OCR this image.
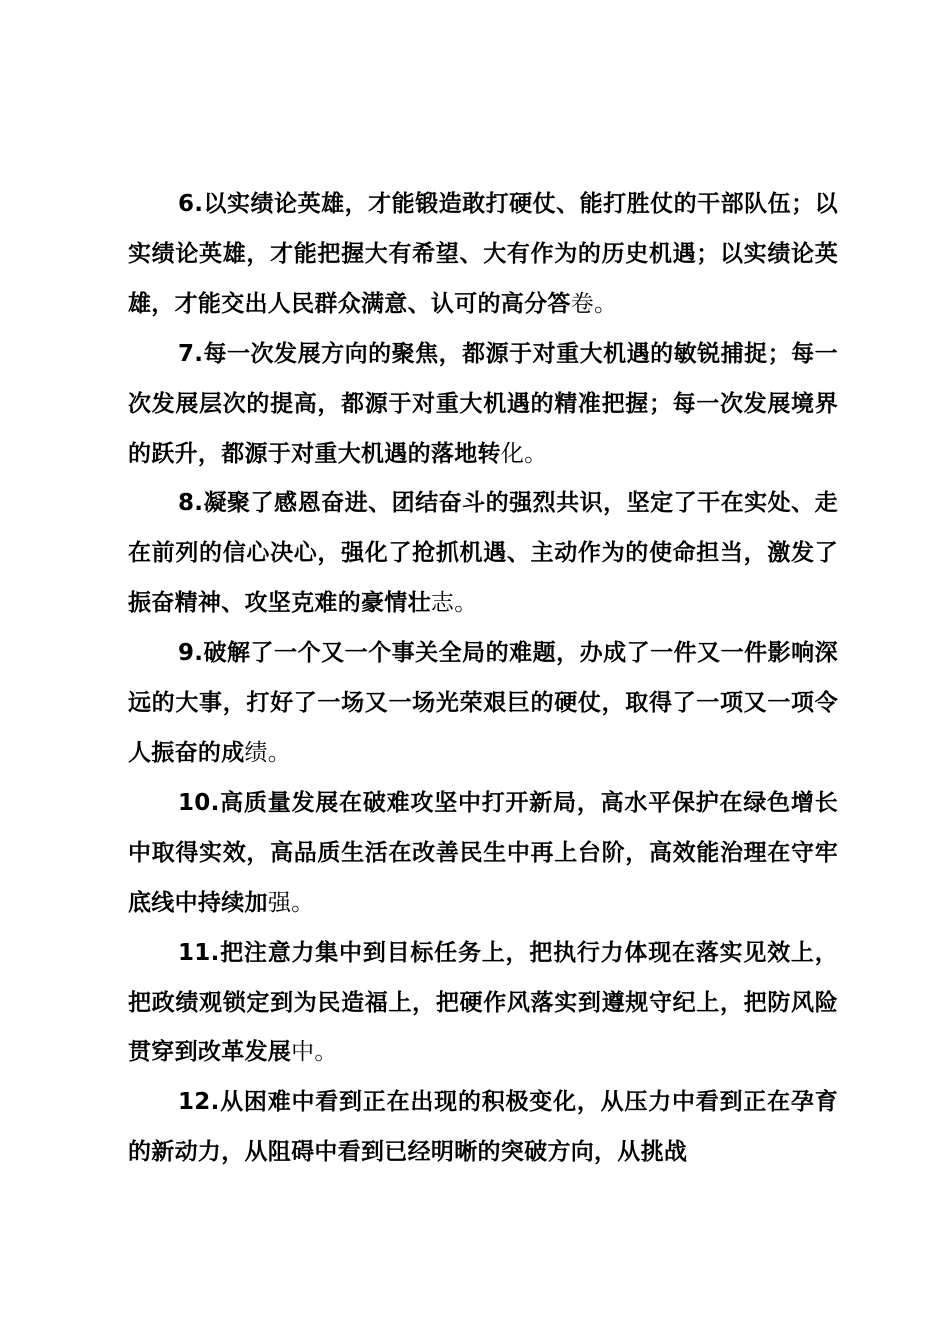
6.以实绩论英雄，才能锻造敢打硬仗、能打胜仗的干部队伍；以实绩论英雄，才能把握大有希望、大有作为的历史机遇；以实绩论英雄，才能交出人民群众满意、认可的高分答卷。

7.每一次发展方向的聚焦，都源于对重大机遇的敏锐捕捉；每一次发展层次的提高，都源于对重大机遇的精准把握；每一次发展境界的跃升，都源于对重大机遇的落地转化。

8.凝聚了感恩奋进、团结奋斗的强烈共识，坚定了干在实处、走在前列的信心决心，强化了抢抓机遇、主动作为的使命担当，激发了振奋精神、攻坚克难的豪情壮志。

9.破解了一个又一个事关全局的难题，办成了一件又一件影响深远的大事，打好了一场又一场光荣艰巨的硬仗，取得了一项又一项令人振奋的成绩。

10.高质量发展在破难攻坚中打开新局，高水平保护在绿色增长中取得实效，高品质生活在改善民生中再上台阶，高效能治理在守牢底线中持续加强。

11.把注意力集中到目标任务上，把执行力体现在落实见效上，把政绩观锁定到为民造福上，把硬作风落实到遵规守纪上，把防风险贯穿到改革发展中。

12.从困难中看到正在出现的积极变化，从压力中看到正在孕育的新动力，从阻碍中看到已经明晰的突破方向，从挑战
